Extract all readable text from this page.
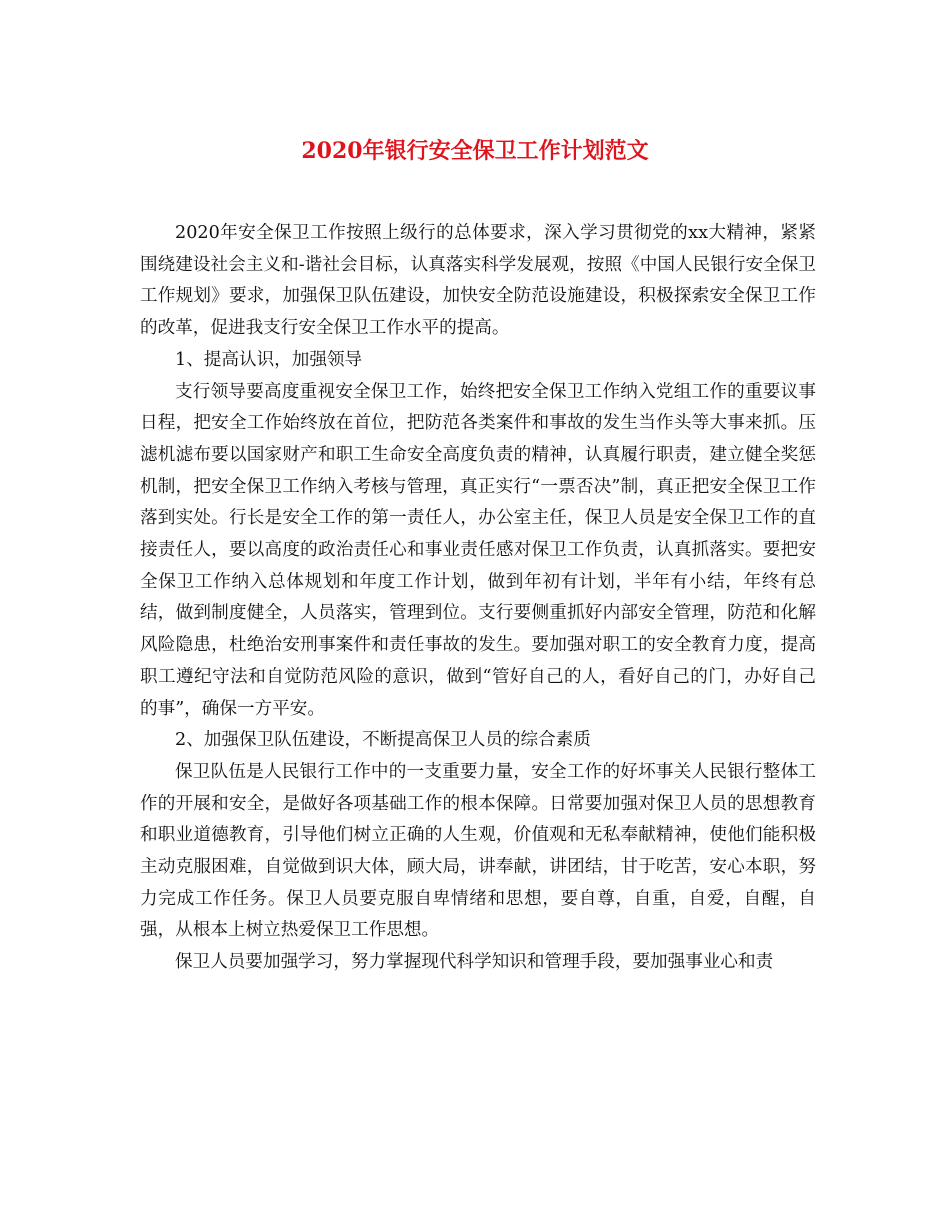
2020年银行安全保卫工作计划范文

2020年安全保卫工作按照上级行的总体要求，深入学习贯彻党的xx大精神，紧紧围绕建设社会主义和-谐社会目标，认真落实科学发展观，按照《中国人民银行安全保卫工作规划》要求，加强保卫队伍建设，加快安全防范设施建设，积极探索安全保卫工作的改革，促进我支行安全保卫工作水平的提高。

1、提高认识，加强领导

支行领导要高度重视安全保卫工作，始终把安全保卫工作纳入党组工作的重要议事日程，把安全工作始终放在首位，把防范各类案件和事故的发生当作头等大事来抓。压滤机滤布要以国家财产和职工生命安全高度负责的精神，认真履行职责，建立健全奖惩机制，把安全保卫工作纳入考核与管理，真正实行“一票否决”制，真正把安全保卫工作落到实处。行长是安全工作的第一责任人，办公室主任，保卫人员是安全保卫工作的直接责任人，要以高度的政治责任心和事业责任感对保卫工作负责，认真抓落实。要把安全保卫工作纳入总体规划和年度工作计划，做到年初有计划，半年有小结，年终有总结，做到制度健全，人员落实，管理到位。支行要侧重抓好内部安全管理，防范和化解风险隐患，杜绝治安刑事案件和责任事故的发生。要加强对职工的安全教育力度，提高职工遵纪守法和自觉防范风险的意识，做到“管好自己的人，看好自己的门，办好自己的事”，确保一方平安。

2、加强保卫队伍建设，不断提高保卫人员的综合素质

保卫队伍是人民银行工作中的一支重要力量，安全工作的好坏事关人民银行整体工作的开展和安全，是做好各项基础工作的根本保障。日常要加强对保卫人员的思想教育和职业道德教育，引导他们树立正确的人生观，价值观和无私奉献精神，使他们能积极主动克服困难，自觉做到识大体，顾大局，讲奉献，讲团结，甘于吃苦，安心本职，努力完成工作任务。保卫人员要克服自卑情绪和思想，要自尊，自重，自爱，自醒，自强，从根本上树立热爱保卫工作思想。

保卫人员要加强学习，努力掌握现代科学知识和管理手段，要加强事业心和责
